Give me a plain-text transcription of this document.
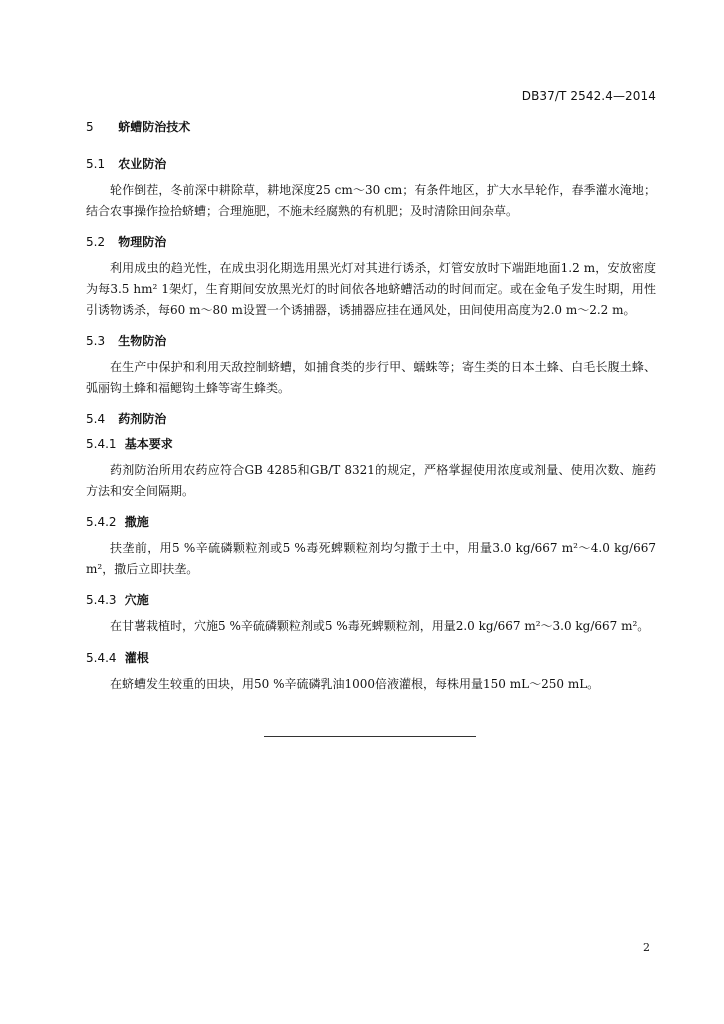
DB37/T 2542.4—2014
5 蛴螬防治技术
5.1 农业防治

轮作倒茬，冬前深中耕除草，耕地深度25 cm～30 cm；有条件地区，扩大水旱轮作，春季灌水淹地；结合农事操作捡拾蛴螬；合理施肥，不施未经腐熟的有机肥；及时清除田间杂草。

5.2 物理防治

利用成虫的趋光性，在成虫羽化期选用黑光灯对其进行诱杀，灯管安放时下端距地面1.2 m，安放密度为每3.5 hm² 1架灯，生育期间安放黑光灯的时间依各地蛴螬活动的时间而定。或在金龟子发生时期，用性引诱物诱杀，每60 m～80 m设置一个诱捕器，诱捕器应挂在通风处，田间使用高度为2.0 m～2.2 m。

5.3 生物防治

在生产中保护和利用天敌控制蛴螬，如捕食类的步行甲、蠕蛛等；寄生类的日本土蜂、白毛长腹土蜂、弧丽钩土蜂和福鳃钩土蜂等寄生蜂类。

5.4 药剂防治
5.4.1 基本要求

药剂防治所用农药应符合GB 4285和GB/T 8321的规定，严格掌握使用浓度或剂量、使用次数、施药方法和安全间隔期。

5.4.2 撒施

扶垄前，用5 %辛硫磷颗粒剂或5 %毒死蜱颗粒剂均匀撒于土中，用量3.0 kg/667 m²～4.0 kg/667 m²，撒后立即扶垄。

5.4.3 穴施

在甘薯栽植时，穴施5 %辛硫磷颗粒剂或5 %毒死蜱颗粒剂，用量2.0 kg/667 m²～3.0 kg/667 m²。

5.4.4 灌根

在蛴螬发生较重的田块，用50 %辛硫磷乳油1000倍液灌根，每株用量150 mL～250 mL。

2
